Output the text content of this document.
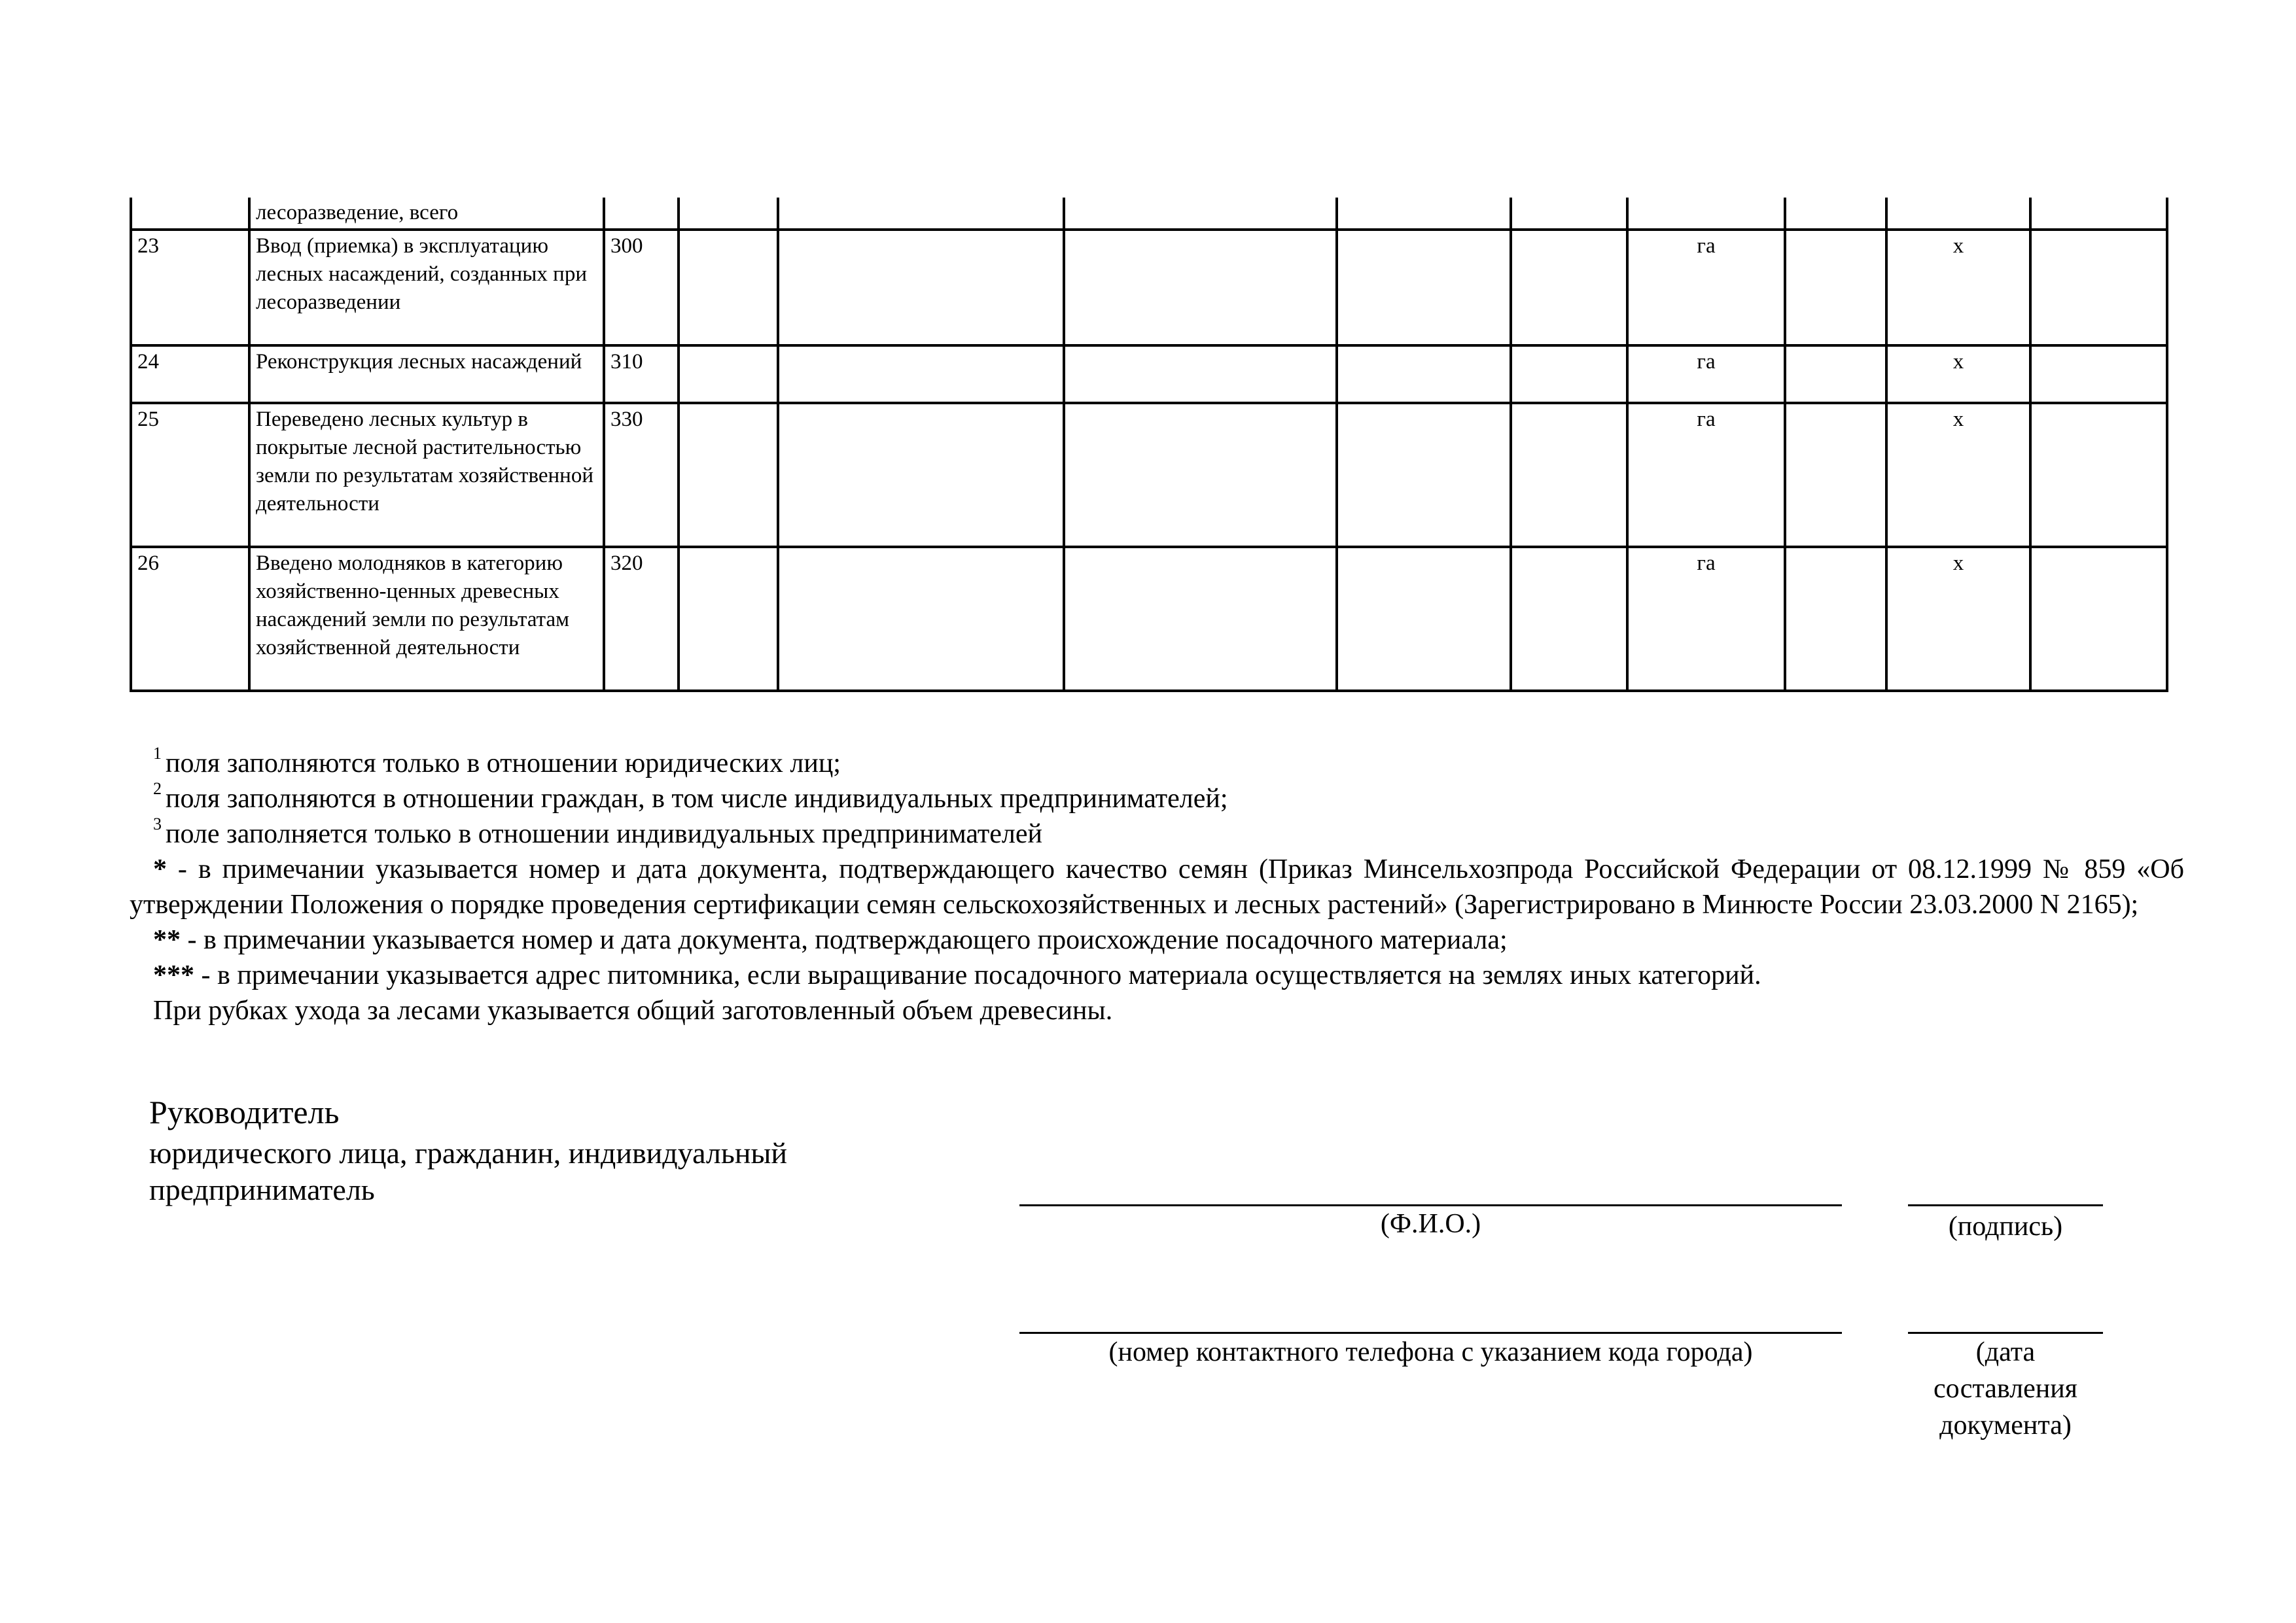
	лесоразведение, всего										
23	Ввод (приемка) в эксплуатацию лесных насаждений, созданных при лесоразведении	300						га		х	
24	Реконструкция лесных насаждений	310						га		х	
25	Переведено лесных культур в покрытые лесной растительностью земли по результатам хозяйственной деятельности	330						га		х	
26	Введено молодняков в категорию хозяйственно-ценных древесных насаждений земли по результатам хозяйственной деятельности	320						га		х	

$^1$ поля заполняются только в отношении юридических лиц;

$^2$ поля заполняются в отношении граждан, в том числе индивидуальных предпринимателей;

$^3$ поле заполняется только в отношении индивидуальных предпринимателей

* - в примечании указывается номер и дата документа, подтверждающего качество семян (Приказ Минсельхозпрода Российской Федерации от 08.12.1999 № 859 «Об утверждении Положения о порядке проведения сертификации семян сельскохозяйственных и лесных растений» (Зарегистрировано в Минюсте России 23.03.2000 N 2165);

** - в примечании указывается номер и дата документа, подтверждающего происхождение посадочного материала;

*** - в примечании указывается адрес питомника, если выращивание посадочного материала осуществляется на землях иных категорий.

При рубках ухода за лесами указывается общий заготовленный объем древесины.

Руководитель
юридического лица, гражданин, индивидуальный
предприниматель
(Ф.И.О.)	(подпись)
(номер контактного телефона с указанием кода города)	(дата
составления
документа)
